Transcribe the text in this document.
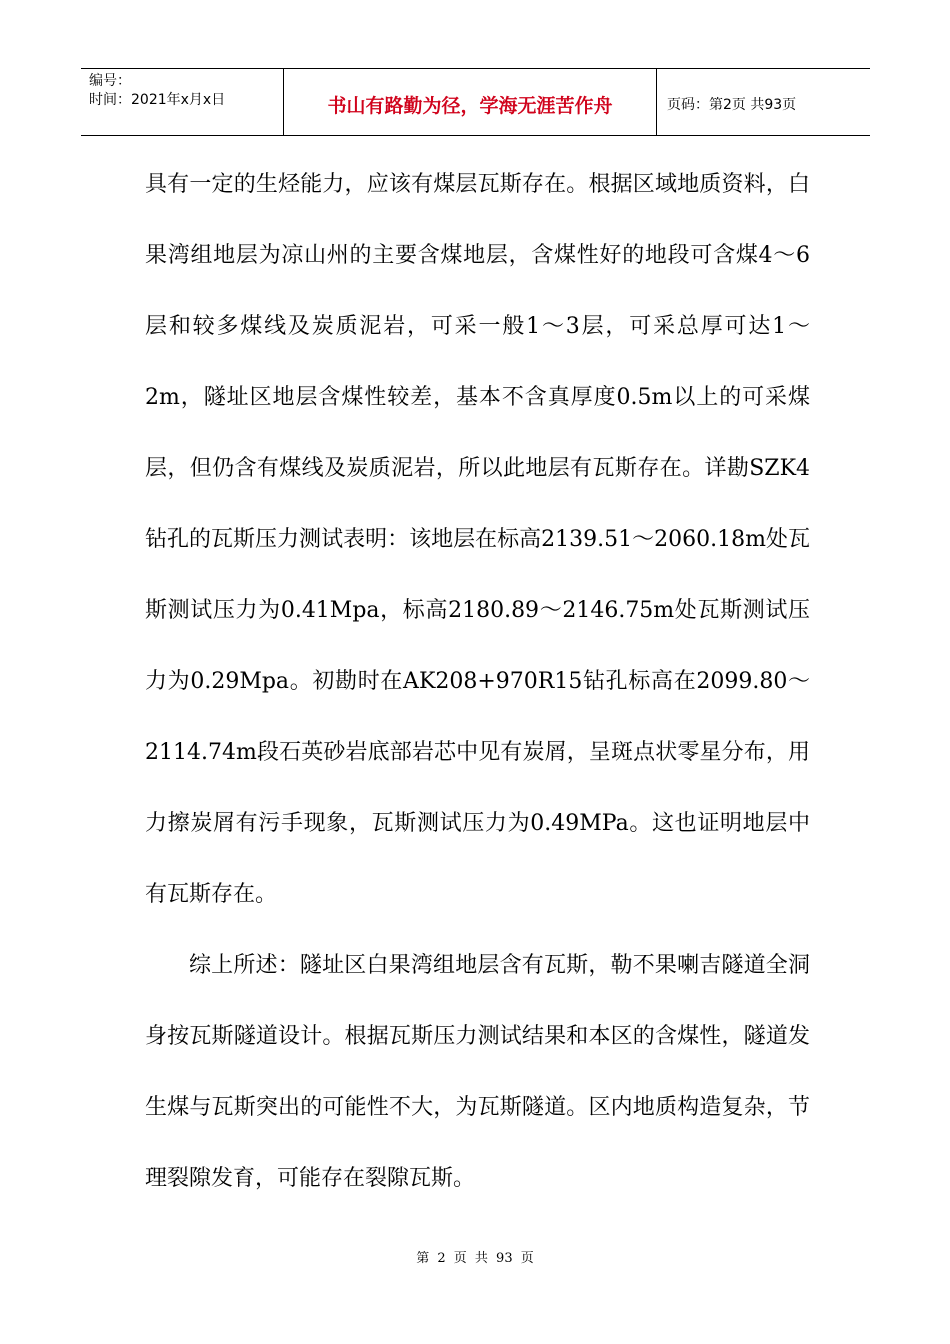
编号：
时间：2021年x月x日	书山有路勤为径，学海无涯苦作舟	页码：第2页 共93页

具有一定的生烃能力，应该有煤层瓦斯存在。根据区域地质资料，白果湾组地层为凉山州的主要含煤地层，含煤性好的地段可含煤4～6层和较多煤线及炭质泥岩，可采一般1～3层，可采总厚可达1～2m，隧址区地层含煤性较差，基本不含真厚度0.5m以上的可采煤层，但仍含有煤线及炭质泥岩，所以此地层有瓦斯存在。详勘SZK4钻孔的瓦斯压力测试表明：该地层在标高2139.51～2060.18m处瓦斯测试压力为0.41Mpa，标高2180.89～2146.75m处瓦斯测试压力为0.29Mpa。初勘时在AK208+970R15钻孔标高在2099.80～2114.74m段石英砂岩底部岩芯中见有炭屑，呈斑点状零星分布，用力擦炭屑有污手现象，瓦斯测试压力为0.49MPa。这也证明地层中有瓦斯存在。

综上所述：隧址区白果湾组地层含有瓦斯，勒不果喇吉隧道全洞身按瓦斯隧道设计。根据瓦斯压力测试结果和本区的含煤性，隧道发生煤与瓦斯突出的可能性不大，为瓦斯隧道。区内地质构造复杂，节理裂隙发育，可能存在裂隙瓦斯。

第 2 页 共 93 页
